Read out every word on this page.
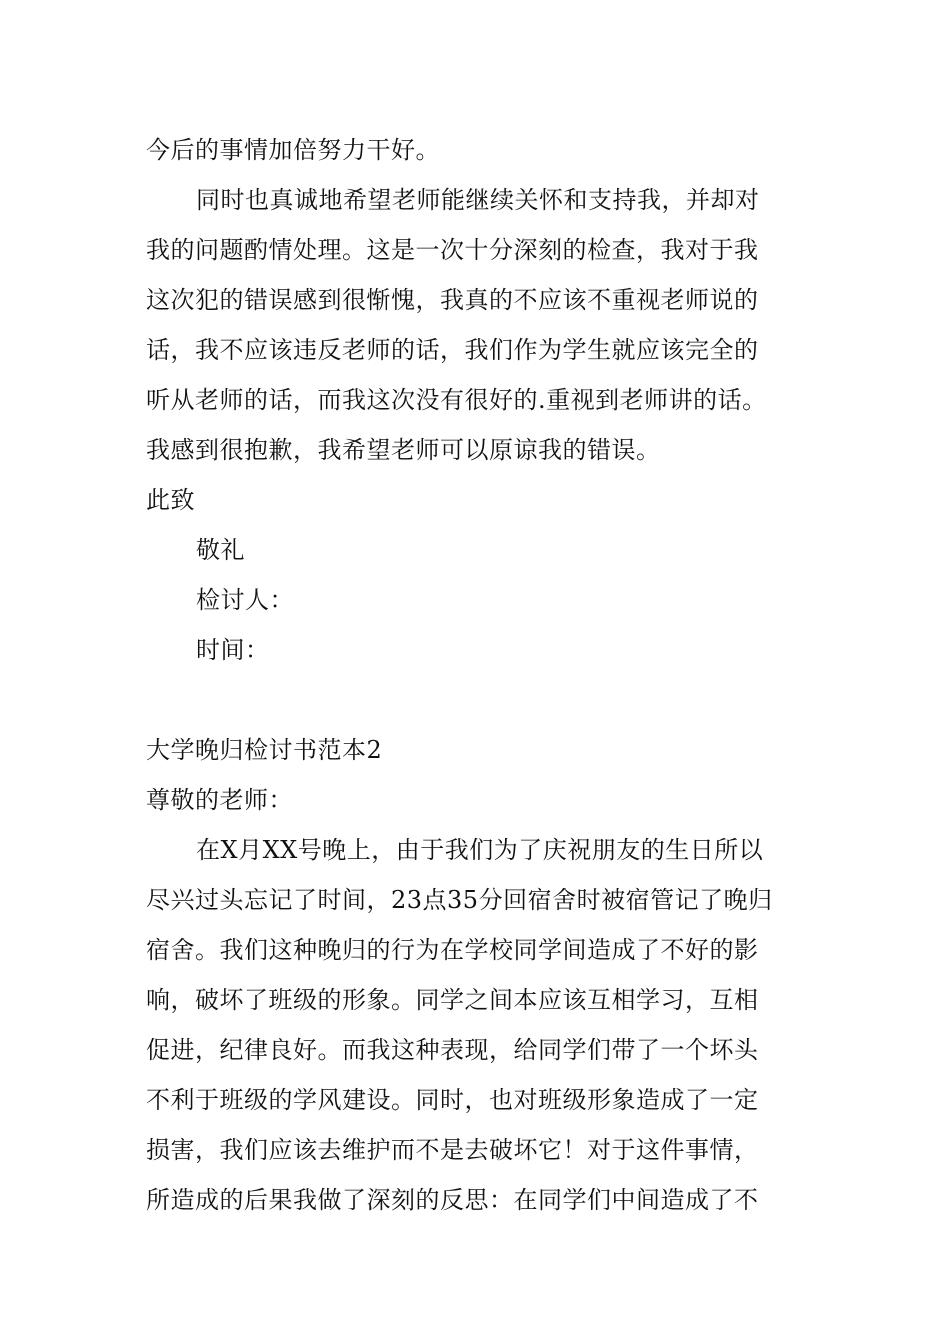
今后的事情加倍努力干好。
同时也真诚地希望老师能继续关怀和支持我，并却对
我的问题酌情处理。这是一次十分深刻的检查，我对于我
这次犯的错误感到很惭愧，我真的不应该不重视老师说的
话，我不应该违反老师的话，我们作为学生就应该完全的
听从老师的话，而我这次没有很好的.重视到老师讲的话。
我感到很抱歉，我希望老师可以原谅我的错误。
此致
敬礼
检讨人：
时间：
大学晚归检讨书范本2
尊敬的老师：
在X月XX号晚上，由于我们为了庆祝朋友的生日所以
尽兴过头忘记了时间，23点35分回宿舍时被宿管记了晚归
宿舍。我们这种晚归的行为在学校同学间造成了不好的影
响，破坏了班级的形象。同学之间本应该互相学习，互相
促进，纪律良好。而我这种表现，给同学们带了一个坏头
不利于班级的学风建设。同时，也对班级形象造成了一定
损害，我们应该去维护而不是去破坏它！对于这件事情，
所造成的后果我做了深刻的反思：在同学们中间造成了不
